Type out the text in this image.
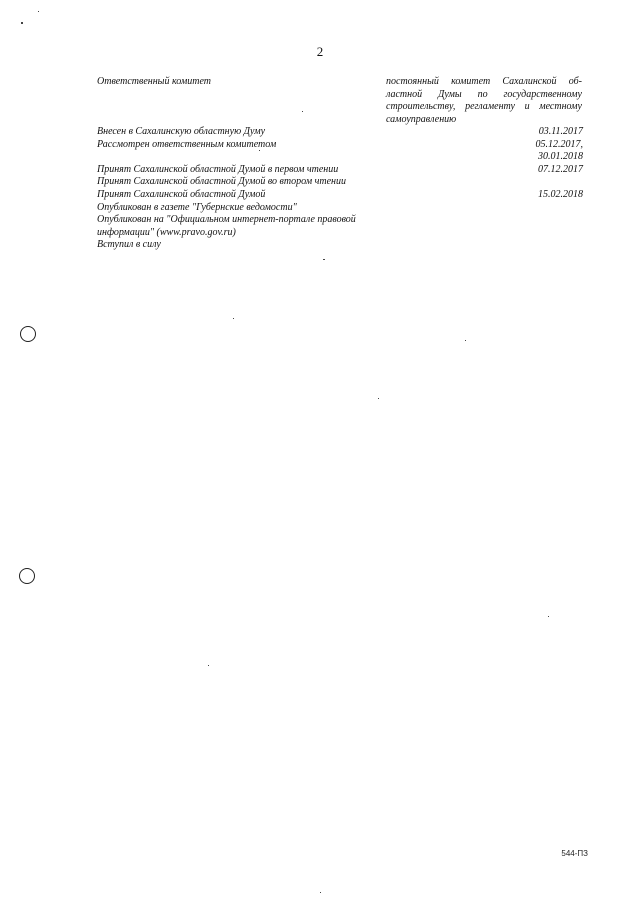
2
Ответственный комитет	постоянный комитет Сахалинской об-
ластной Думы по государственному
строительству, регламенту и местному
самоуправлению
Внесен в Сахалинскую областную Думу	03.11.2017
Рассмотрен ответственным комитетом	05.12.2017,
30.01.2018
Принят Сахалинской областной Думой в первом чтении	07.12.2017
Принят Сахалинской областной Думой во втором чтении
Принят Сахалинской областной Думой	15.02.2018
Опубликован в газете "Губернские ведомости"
Опубликован на "Официальном интернет-портале правовой
информации" (www.pravo.gov.ru)
Вступил в силу
544-ПЗ
